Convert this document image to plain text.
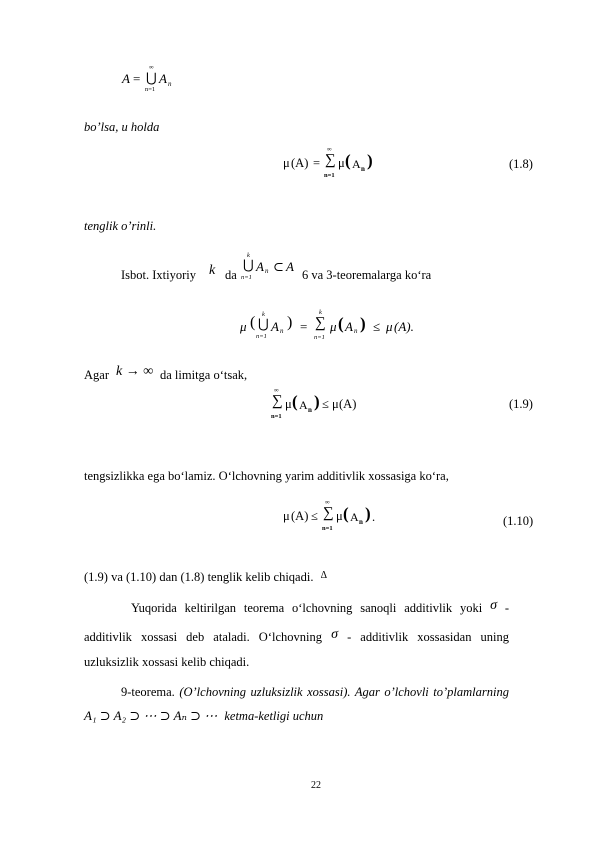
A =
∞
⋃
n=1
A n
bo’lsa, u holda
μ (A) =
∞
∑
n=1
μ ( A n )	(1.8)
tenglik o’rinli.
Isbot. Ixtiyoriy k da
k
⋃
n=1
A n ⊂ A
6 va 3-teoremalarga ko‘ra
μ ( k
⋃
n=1
A n ) =
k
∑
n=1
μ ( A n ) ≤ μ (A).
Agar k → ∞ da limitga o‘tsak,
∞
∑
n=1
μ ( A n ) ≤ μ (A)	(1.9)
tengsizlikka ega bo‘lamiz. O‘lchovning yarim additivlik xossasiga ko‘ra,
μ (A) ≤
∞
∑
n=1
μ ( A n ) .	(1.10)
(1.9) va (1.10) dan (1.8) tenglik kelib chiqadi. $^\Delta$
Yuqorida keltirilgan teorema o‘lchovning sanoqli additivlik yoki σ -
additivlik xossasi deb ataladi. O‘lchovning σ - additivlik xossasidan uning
uzluksizlik xossasi kelib chiqadi.
9-teorema. (O’lchovning uzluksizlik xossasi). Agar o’lchovli to’plamlarning
A₁ ⊃ A₂ ⊃ ⋯ ⊃ Aₙ ⊃ ⋯ ketma-ketligi uchun
22
